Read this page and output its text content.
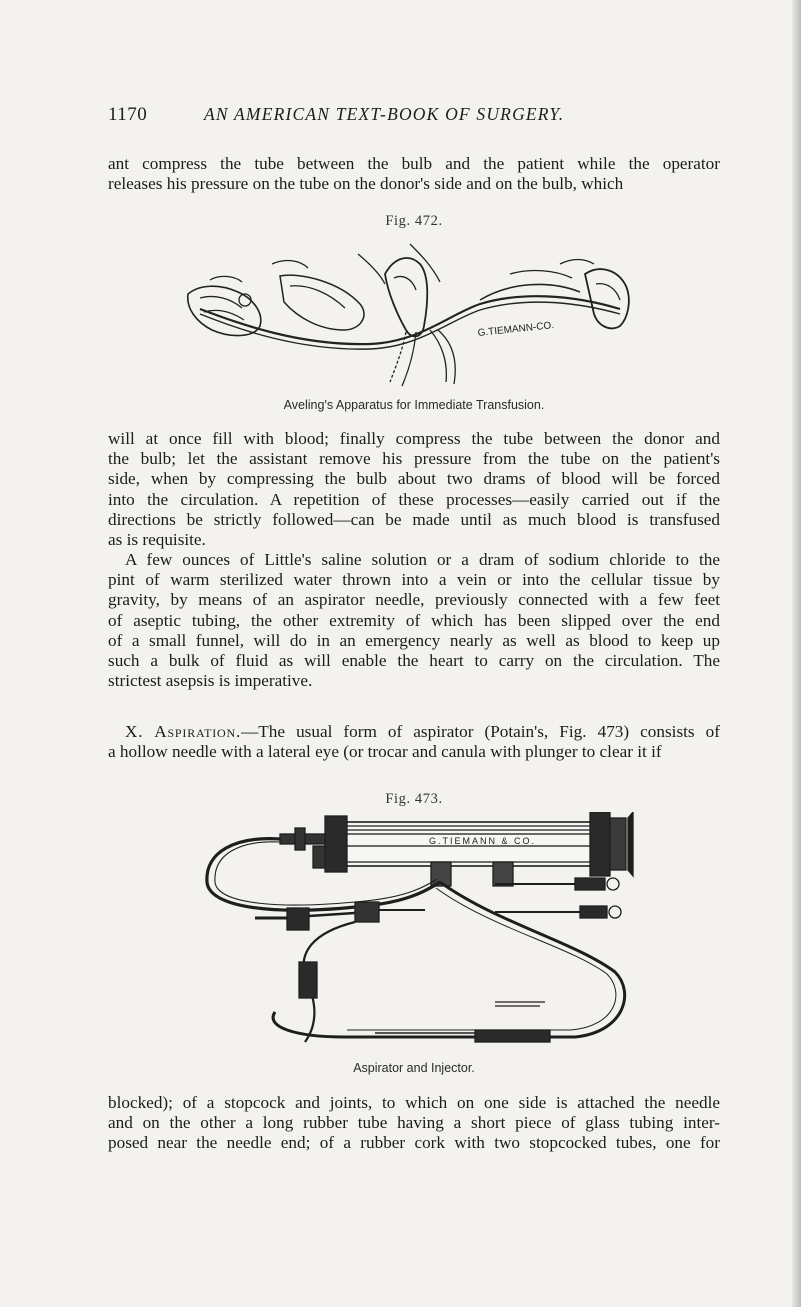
1170	AN AMERICAN TEXT-BOOK OF SURGERY.

ant compress the tube between the bulb and the patient while the operator
releases his pressure on the tube on the donor's side and on the bulb, which

Fig. 472.
G.TIEMANN-CO.
Aveling's Apparatus for Immediate Transfusion.

will at once fill with blood; finally compress the tube between the donor and
the bulb; let the assistant remove his pressure from the tube on the patient's
side, when by compressing the bulb about two drams of blood will be forced
into the circulation. A repetition of these processes—easily carried out if the
directions be strictly followed—can be made until as much blood is transfused
as is requisite.

A few ounces of Little's saline solution or a dram of sodium chloride to the
pint of warm sterilized water thrown into a vein or into the cellular tissue by
gravity, by means of an aspirator needle, previously connected with a few feet
of aseptic tubing, the other extremity of which has been slipped over the end
of a small funnel, will do in an emergency nearly as well as blood to keep up
such a bulk of fluid as will enable the heart to carry on the circulation. The
strictest asepsis is imperative.

X. Aspiration.—The usual form of aspirator (Potain's, Fig. 473) consists of
a hollow needle with a lateral eye (or trocar and canula with plunger to clear it if

Fig. 473.
G.TIEMANN & CO.
Aspirator and Injector.

blocked); of a stopcock and joints, to which on one side is attached the needle
and on the other a long rubber tube having a short piece of glass tubing inter-
posed near the needle end; of a rubber cork with two stopcocked tubes, one for
